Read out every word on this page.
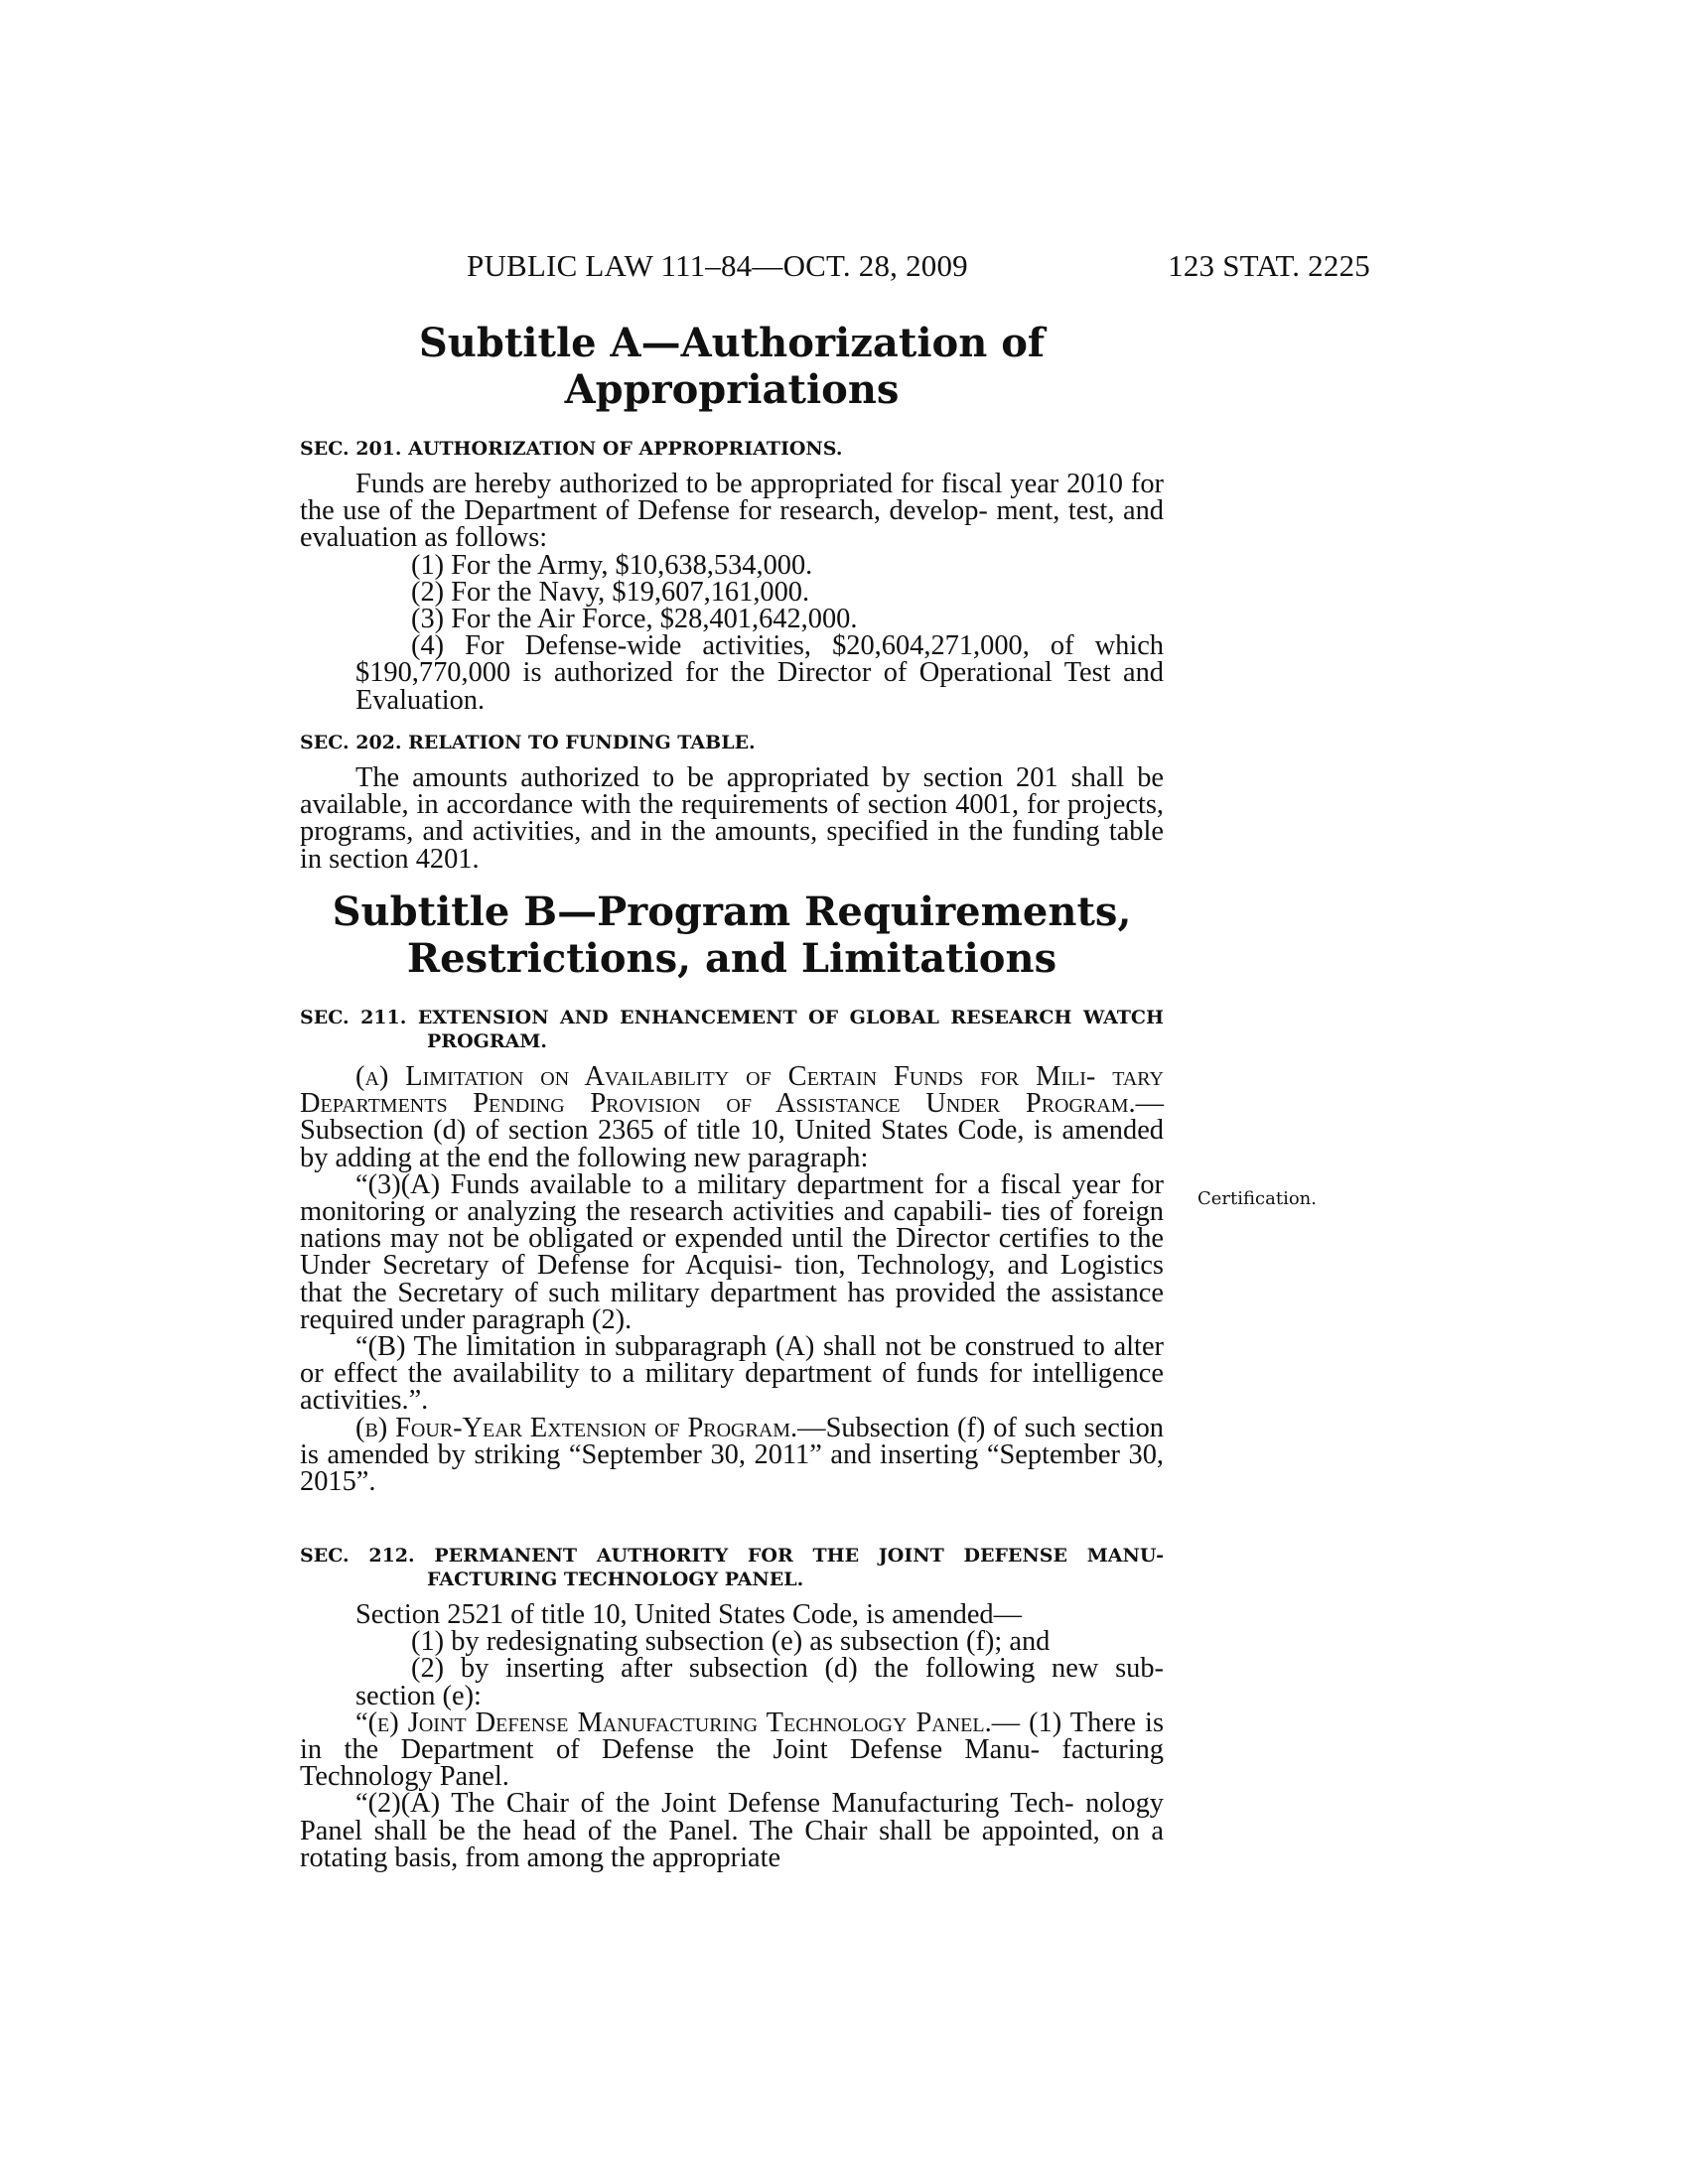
PUBLIC LAW 111–84—OCT. 28, 2009	123 STAT. 2225

Subtitle A—Authorization of

Appropriations

SEC. 201. AUTHORIZATION OF APPROPRIATIONS.

Funds are hereby authorized to be appropriated for fiscal year 2010 for the use of the Department of Defense for research, develop- ment, test, and evaluation as follows:

(1) For the Army, $10,638,534,000.

(2) For the Navy, $19,607,161,000.

(3) For the Air Force, $28,401,642,000.

(4) For Defense-wide activities, $20,604,271,000, of which $190,770,000 is authorized for the Director of Operational Test and Evaluation.

SEC. 202. RELATION TO FUNDING TABLE.

The amounts authorized to be appropriated by section 201 shall be available, in accordance with the requirements of section 4001, for projects, programs, and activities, and in the amounts, specified in the funding table in section 4201.

Subtitle B—Program Requirements,

Restrictions, and Limitations

SEC. 211. EXTENSION AND ENHANCEMENT OF GLOBAL RESEARCH WATCH PROGRAM.

(a) Limitation on Availability of Certain Funds for Mili- tary Departments Pending Provision of Assistance Under Program.—Subsection (d) of section 2365 of title 10, United States Code, is amended by adding at the end the following new paragraph:

“(3)(A) Funds available to a military department for a fiscal year for monitoring or analyzing the research activities and capabili- ties of foreign nations may not be obligated or expended until the Director certifies to the Under Secretary of Defense for Acquisi- tion, Technology, and Logistics that the Secretary of such military department has provided the assistance required under paragraph (2).

“(B) The limitation in subparagraph (A) shall not be construed to alter or effect the availability to a military department of funds for intelligence activities.”.

(b) Four-Year Extension of Program.—Subsection (f) of such section is amended by striking “September 30, 2011” and inserting “September 30, 2015”.

Certification.

SEC. 212. PERMANENT AUTHORITY FOR THE JOINT DEFENSE MANU- FACTURING TECHNOLOGY PANEL.

Section 2521 of title 10, United States Code, is amended—

(1) by redesignating subsection (e) as subsection (f); and

(2) by inserting after subsection (d) the following new sub- section (e):

“(e) Joint Defense Manufacturing Technology Panel.— (1) There is in the Department of Defense the Joint Defense Manu- facturing Technology Panel.

“(2)(A) The Chair of the Joint Defense Manufacturing Tech- nology Panel shall be the head of the Panel. The Chair shall be appointed, on a rotating basis, from among the appropriate
